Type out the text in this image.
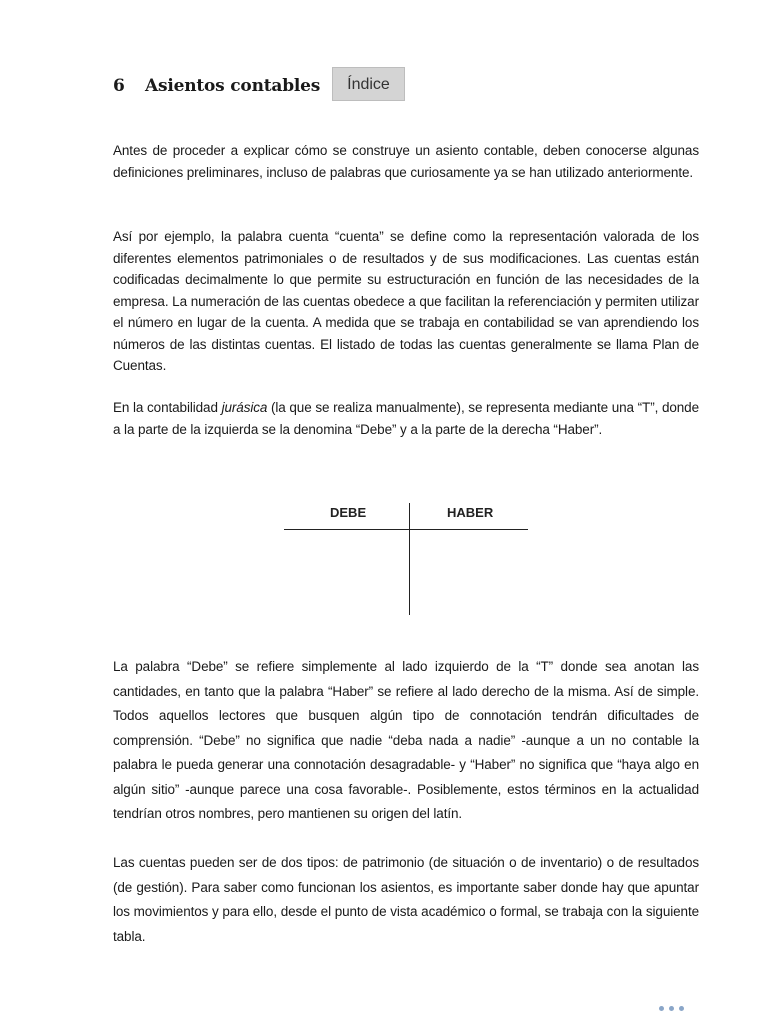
6	Asientos contables	Índice

Antes de proceder a explicar cómo se construye un asiento contable, deben conocerse algunas definiciones preliminares, incluso de palabras que curiosamente ya se han utilizado anteriormente.

Así por ejemplo, la palabra cuenta “cuenta” se define como la representación valorada de los diferentes elementos patrimoniales o de resultados y de sus modificaciones. Las cuentas están codificadas decimalmente lo que permite su estructuración en función de las necesidades de la empresa. La numeración de las cuentas obedece a que facilitan la referenciación y permiten utilizar el número en lugar de la cuenta. A medida que se trabaja en contabilidad se van aprendiendo los números de las distintas cuentas. El listado de todas las cuentas generalmente se llama Plan de Cuentas.

En la contabilidad jurásica (la que se realiza manualmente), se representa mediante una “T”, donde a la parte de la izquierda se la denomina “Debe” y a la parte de la derecha “Haber”.

DEBE	HABER

La palabra “Debe” se refiere simplemente al lado izquierdo de la “T” donde sea anotan las cantidades, en tanto que la palabra “Haber” se refiere al lado derecho de la misma. Así de simple. Todos aquellos lectores que busquen algún tipo de connotación tendrán dificultades de comprensión. “Debe” no significa que nadie “deba nada a nadie” -aunque a un no contable la palabra le pueda generar una connotación desagradable- y “Haber” no significa que “haya algo en algún sitio” -aunque parece una cosa favorable-. Posiblemente, estos términos en la actualidad tendrían otros nombres, pero mantienen su origen del latín.

Las cuentas pueden ser de dos tipos: de patrimonio (de situación o de inventario) o de resultados (de gestión). Para saber como funcionan los asientos, es importante saber donde hay que apuntar los movimientos y para ello, desde el punto de vista académico o formal, se trabaja con la siguiente tabla.
